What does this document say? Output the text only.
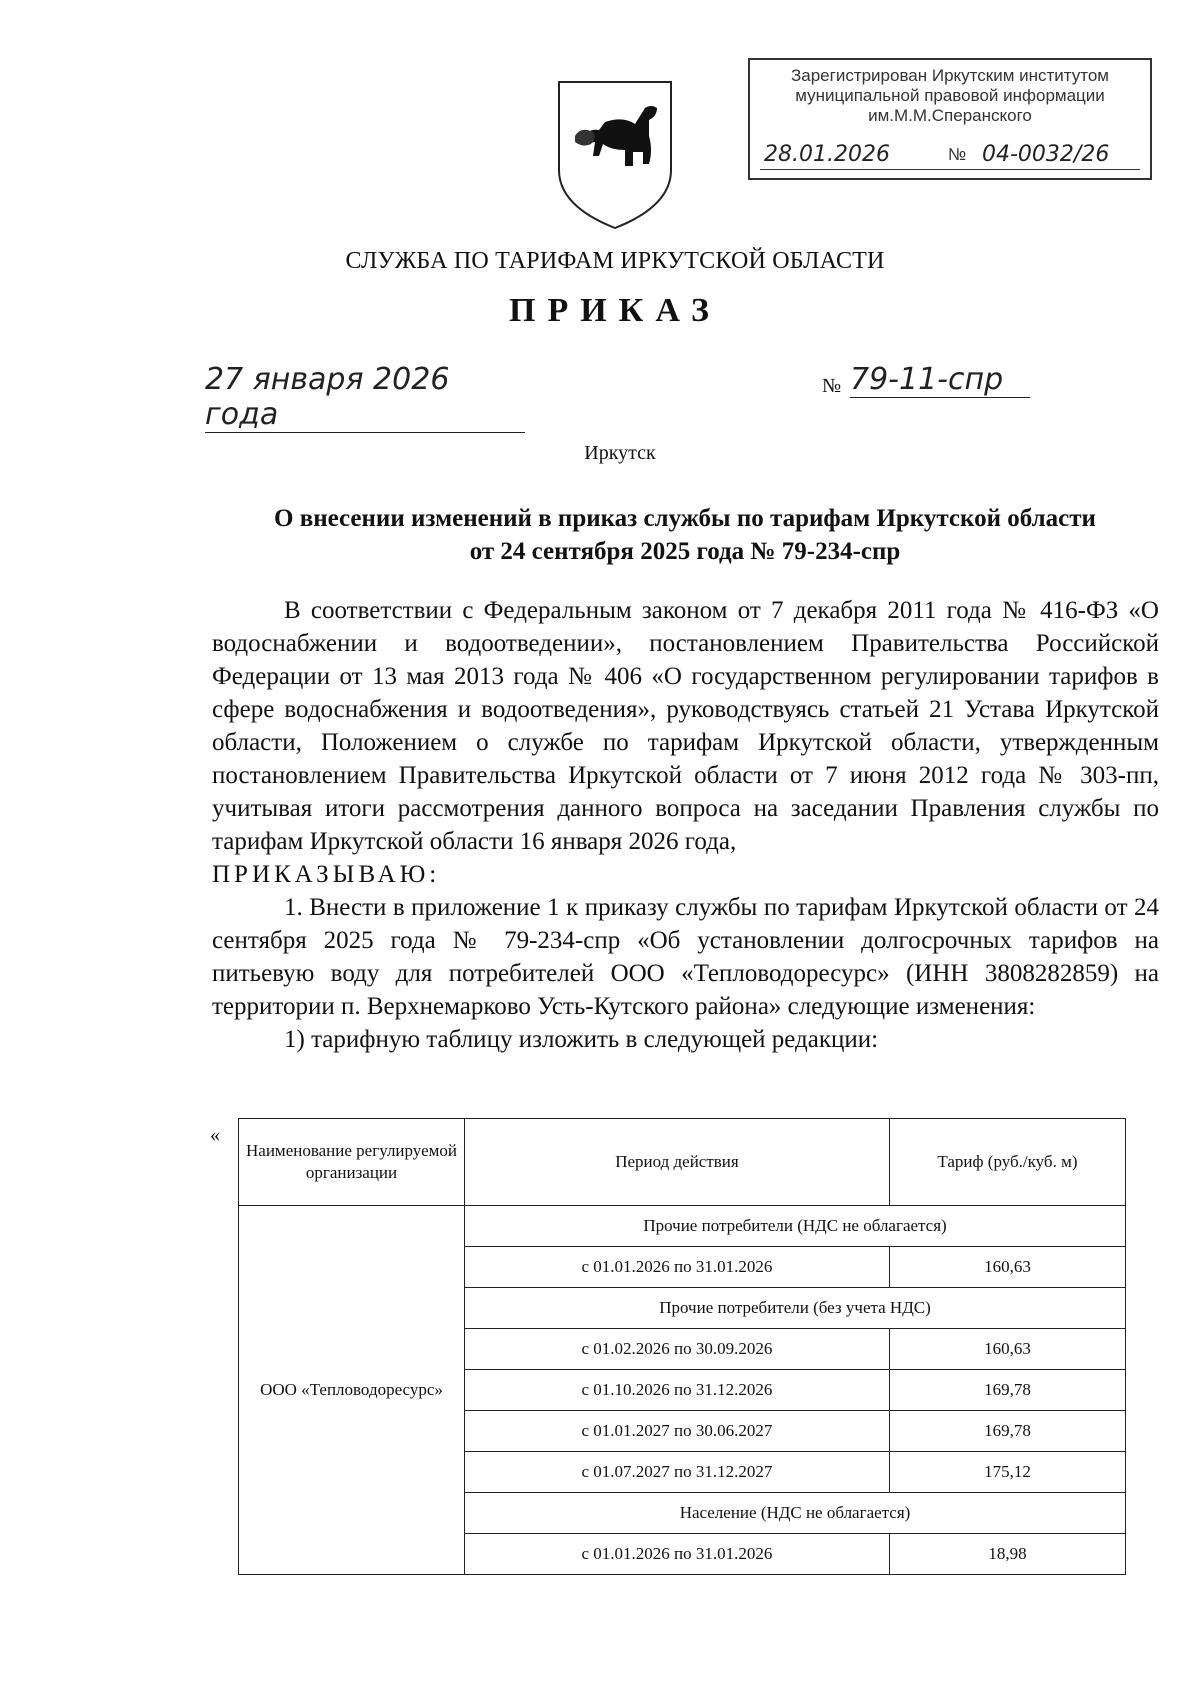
Зарегистрирован Иркутским институтом
муниципальной правовой информации
им.М.М.Сперанского
28.01.2026	№ 04-0032/26
СЛУЖБА ПО ТАРИФАМ ИРКУТСКОЙ ОБЛАСТИ
ПРИКАЗ
27 января 2026 года
№ 79-11-спр
Иркутск
О внесении изменений в приказ службы по тарифам Иркутской области
от 24 сентября 2025 года № 79-234-спр

В соответствии с Федеральным законом от 7 декабря 2011 года № 416-ФЗ «О водоснабжении и водоотведении», постановлением Правительства Российской Федерации от 13 мая 2013 года № 406 «О государственном регулировании тарифов в сфере водоснабжения и водоотведения», руководствуясь статьей 21 Устава Иркутской области, Положением о службе по тарифам Иркутской области, утвержденным постановлением Правительства Иркутской области от 7 июня 2012 года № 303-пп, учитывая итоги рассмотрения данного вопроса на заседании Правления службы по тарифам Иркутской области 16 января 2026 года,

ПРИКАЗЫВАЮ:

1. Внести в приложение 1 к приказу службы по тарифам Иркутской области от 24 сентября 2025 года № 79-234-спр «Об установлении долгосрочных тарифов на питьевую воду для потребителей ООО «Тепловодоресурс» (ИНН 3808282859) на территории п. Верхнемарково Усть-Кутского района» следующие изменения:

1) тарифную таблицу изложить в следующей редакции:

«
Наименование регулируемой организации	Период действия	Тариф (руб./куб. м)
ООО «Тепловодоресурс»	Прочие потребители (НДС не облагается)	
	с 01.01.2026 по 31.01.2026	160,63
	Прочие потребители (без учета НДС)	
	с 01.02.2026 по 30.09.2026	160,63
	с 01.10.2026 по 31.12.2026	169,78
	с 01.01.2027 по 30.06.2027	169,78
	с 01.07.2027 по 31.12.2027	175,12
	Население (НДС не облагается)	
	с 01.01.2026 по 31.01.2026	18,98
